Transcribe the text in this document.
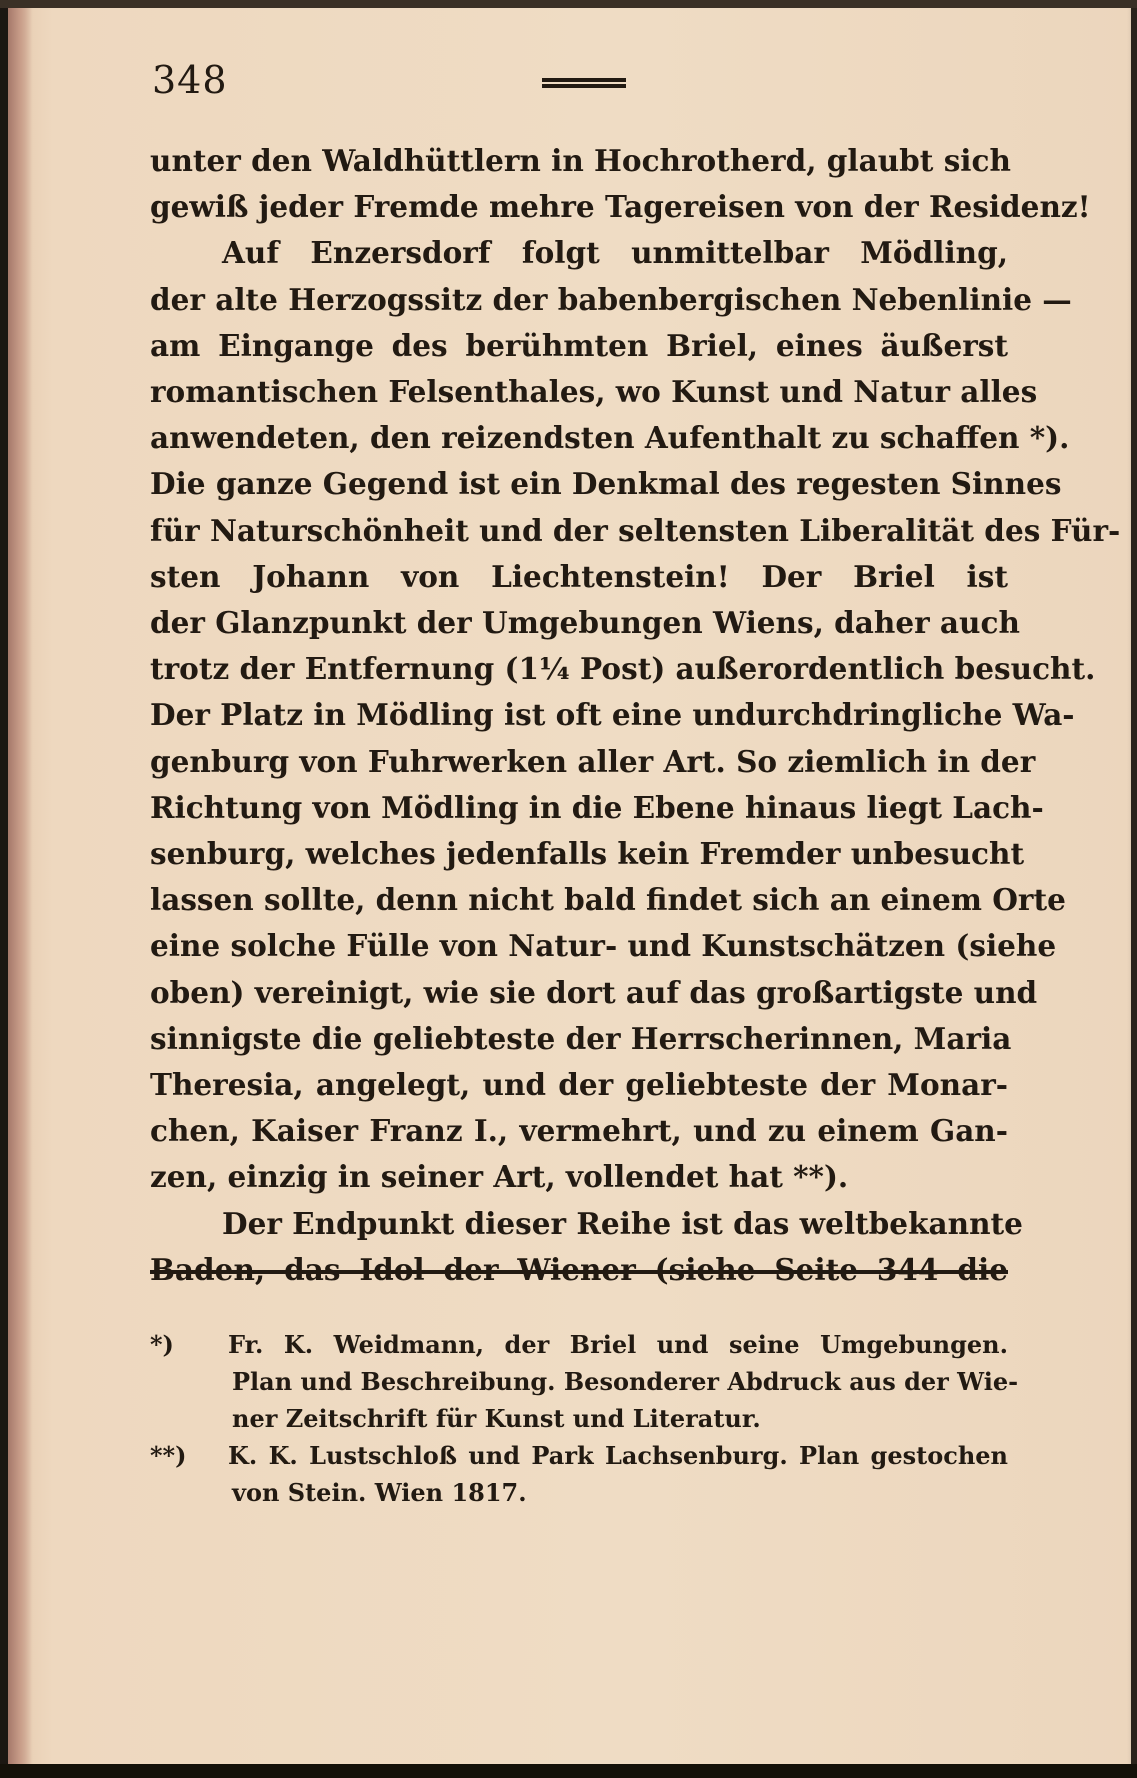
348
unter den Waldhüttlern in Hochrotherd, glaubt sich
gewiß jeder Fremde mehre Tagereisen von der Residenz!
Auf Enzersdorf folgt unmittelbar Mödling,
der alte Herzogssitz der babenbergischen Nebenlinie —
am Eingange des berühmten Briel, eines äußerst
romantischen Felsenthales, wo Kunst und Natur alles
anwendeten, den reizendsten Aufenthalt zu schaffen *).
Die ganze Gegend ist ein Denkmal des regesten Sinnes
für Naturschönheit und der seltensten Liberalität des Für-
sten Johann von Liechtenstein! Der Briel ist
der Glanzpunkt der Umgebungen Wiens, daher auch
trotz der Entfernung (1¼ Post) außerordentlich besucht.
Der Platz in Mödling ist oft eine undurchdringliche Wa-
genburg von Fuhrwerken aller Art. So ziemlich in der
Richtung von Mödling in die Ebene hinaus liegt Lach-
senburg, welches jedenfalls kein Fremder unbesucht
lassen sollte, denn nicht bald findet sich an einem Orte
eine solche Fülle von Natur- und Kunstschätzen (siehe
oben) vereinigt, wie sie dort auf das großartigste und
sinnigste die geliebteste der Herrscherinnen, Maria
Theresia, angelegt, und der geliebteste der Monar-
chen, Kaiser Franz I., vermehrt, und zu einem Gan-
zen, einzig in seiner Art, vollendet hat **).
Der Endpunkt dieser Reihe ist das weltbekannte
Baden, das Idol der Wiener (siehe Seite 344 die
*) Fr. K. Weidmann, der Briel und seine Umgebungen.
Plan und Beschreibung. Besonderer Abdruck aus der Wie-
ner Zeitschrift für Kunst und Literatur.
**) K. K. Lustschloß und Park Lachsenburg. Plan gestochen
von Stein. Wien 1817.
